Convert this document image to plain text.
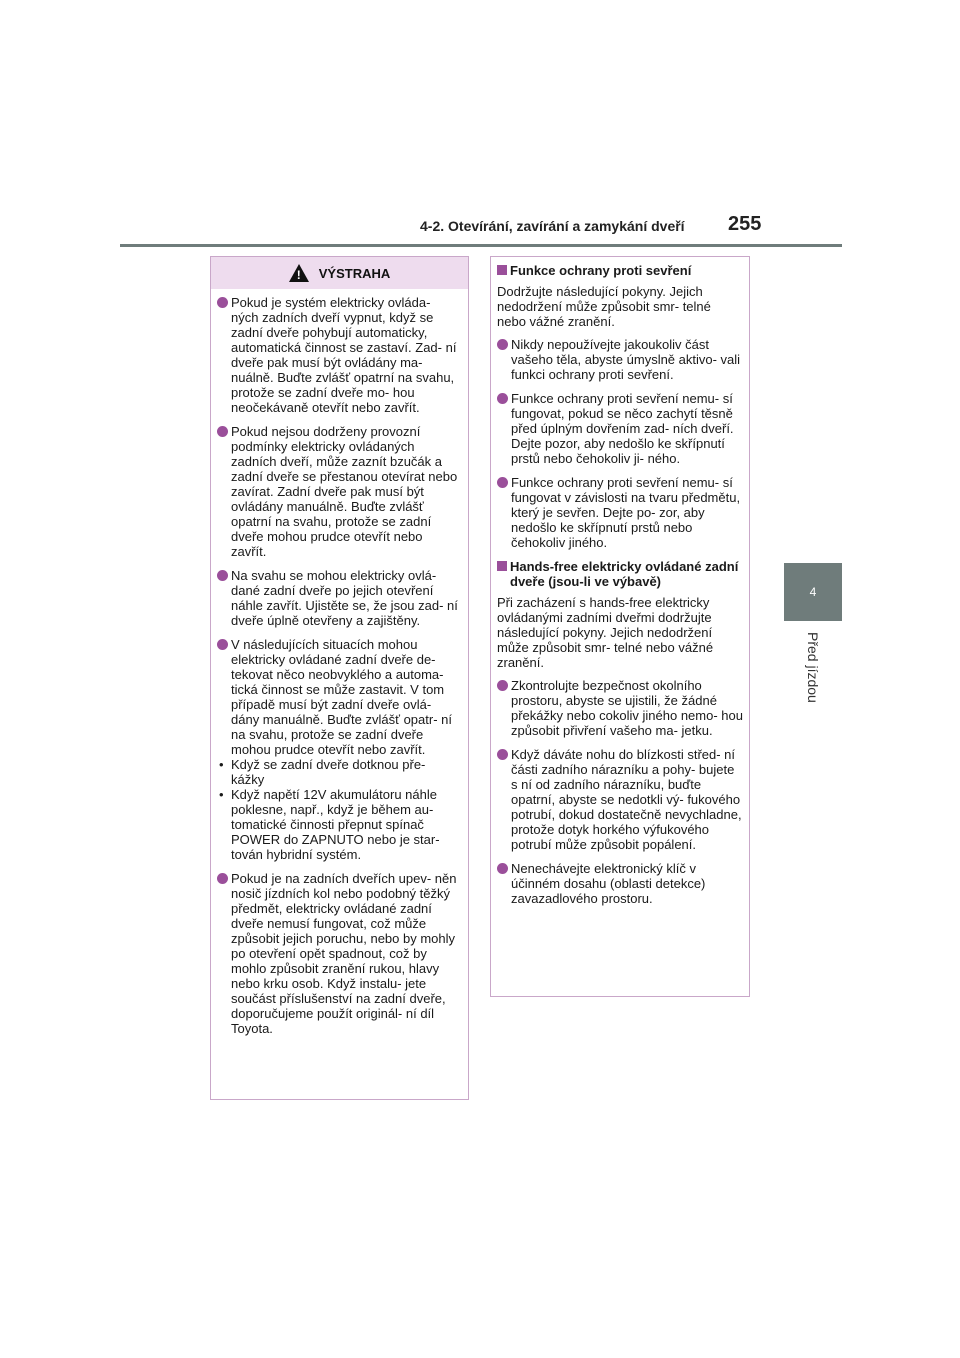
4-2. Otevírání, zavírání a zamykání dveří 255
4
Před jízdou
!
VÝSTRAHA
Pokud je systém elektricky ovláda- ných zadních dveří vypnut, když se zadní dveře pohybují automaticky, automatická činnost se zastaví. Zad- ní dveře pak musí být ovládány ma- nuálně. Buďte zvlášť opatrní na svahu, protože se zadní dveře mo- hou neočekávaně otevřít nebo zavřít.
Pokud nejsou dodrženy provozní podmínky elektricky ovládaných zadních dveří, může zaznít bzučák a zadní dveře se přestanou otevírat nebo zavírat. Zadní dveře pak musí být ovládány manuálně. Buďte zvlášť opatrní na svahu, protože se zadní dveře mohou prudce otevřít nebo zavřít.
Na svahu se mohou elektricky ovlá- dané zadní dveře po jejich otevření náhle zavřít. Ujistěte se, že jsou zad- ní dveře úplně otevřeny a zajištěny.
V následujících situacích mohou elektricky ovládané zadní dveře de- tekovat něco neobvyklého a automa- tická činnost se může zastavit. V tom případě musí být zadní dveře ovlá- dány manuálně. Buďte zvlášť opatr- ní na svahu, protože se zadní dveře mohou prudce otevřít nebo zavřít.
• Když se zadní dveře dotknou pře- kážky
• Když napětí 12V akumulátoru náhle poklesne, např., když je během au- tomatické činnosti přepnut spínač POWER do ZAPNUTO nebo je star- tován hybridní systém.
Pokud je na zadních dveřích upev- něn nosič jízdních kol nebo podobný těžký předmět, elektricky ovládané zadní dveře nemusí fungovat, což může způsobit jejich poruchu, nebo by mohly po otevření opět spadnout, což by mohlo způsobit zranění rukou, hlavy nebo krku osob. Když instalu- jete součást příslušenství na zadní dveře, doporučujeme použít originál- ní díl Toyota.
Funkce ochrany proti sevření
Dodržujte následující pokyny. Jejich nedodržení může způsobit smr- telné nebo vážné zranění.
Nikdy nepoužívejte jakoukoliv část vašeho těla, abyste úmyslně aktivo- vali funkci ochrany proti sevření.
Funkce ochrany proti sevření nemu- sí fungovat, pokud se něco zachytí těsně před úplným dovřením zad- ních dveří. Dejte pozor, aby nedošlo ke skřípnutí prstů nebo čehokoliv ji- ného.
Funkce ochrany proti sevření nemu- sí fungovat v závislosti na tvaru předmětu, který je sevřen. Dejte po- zor, aby nedošlo ke skřípnutí prstů nebo čehokoliv jiného.
Hands-free elektricky ovládané zadní dveře (jsou-li ve výbavě)
Při zacházení s hands-free elektricky ovládanými zadními dveřmi dodržujte následující pokyny. Jejich nedodržení může způsobit smr- telné nebo vážné zranění.
Zkontrolujte bezpečnost okolního prostoru, abyste se ujistili, že žádné překážky nebo cokoliv jiného nemo- hou způsobit přivření vašeho ma- jetku.
Když dáváte nohu do blízkosti střed- ní části zadního nárazníku a pohy- bujete s ní od zadního nárazníku, buďte opatrní, abyste se nedotkli vý- fukového potrubí, dokud dostatečně nevychladne, protože dotyk horkého výfukového potrubí může způsobit popálení.
Nenechávejte elektronický klíč v účinném dosahu (oblasti detekce) zavazadlového prostoru.
